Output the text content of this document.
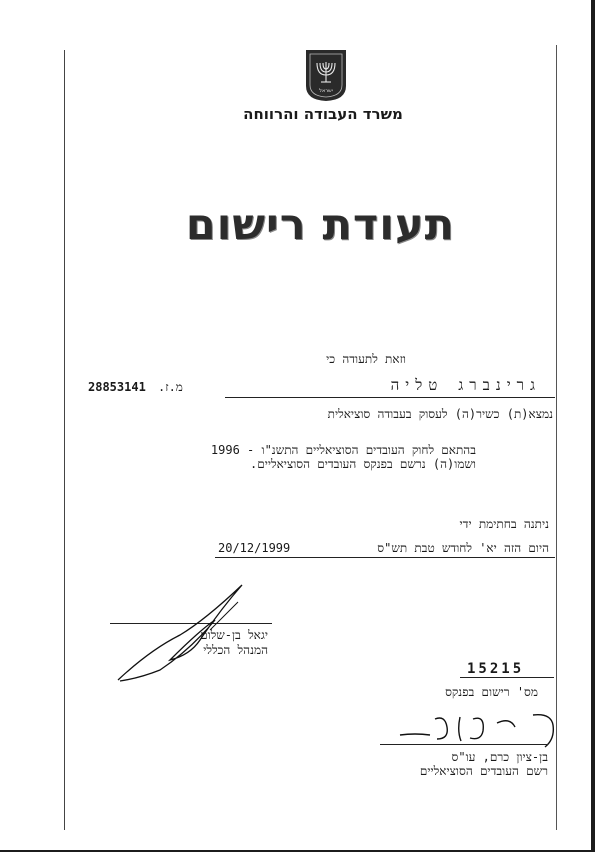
ישראל
משרד העבודה והרווחה
תעודת רישום
וזאת לתעודה כי
28853141 מ.ז.	גרינברג טליה
נמצא(ת) כשיר(ה) לעסוק בעבודה סוציאלית
בהתאם לחוק העובדים הסוציאליים התשנ"ו - 1996
ושמו(ה) נרשם בפנקס העובדים הסוציאליים.
ניתנה בחתימת ידי
היום הזה יא' לחודש טבת תש"ס
20/12/1999
יגאל בן-שלום
המנהל הכללי
15215
מס' רישום בפנקס
בן-ציון כרם, עו"ס
רשם העובדים הסוציאליים
